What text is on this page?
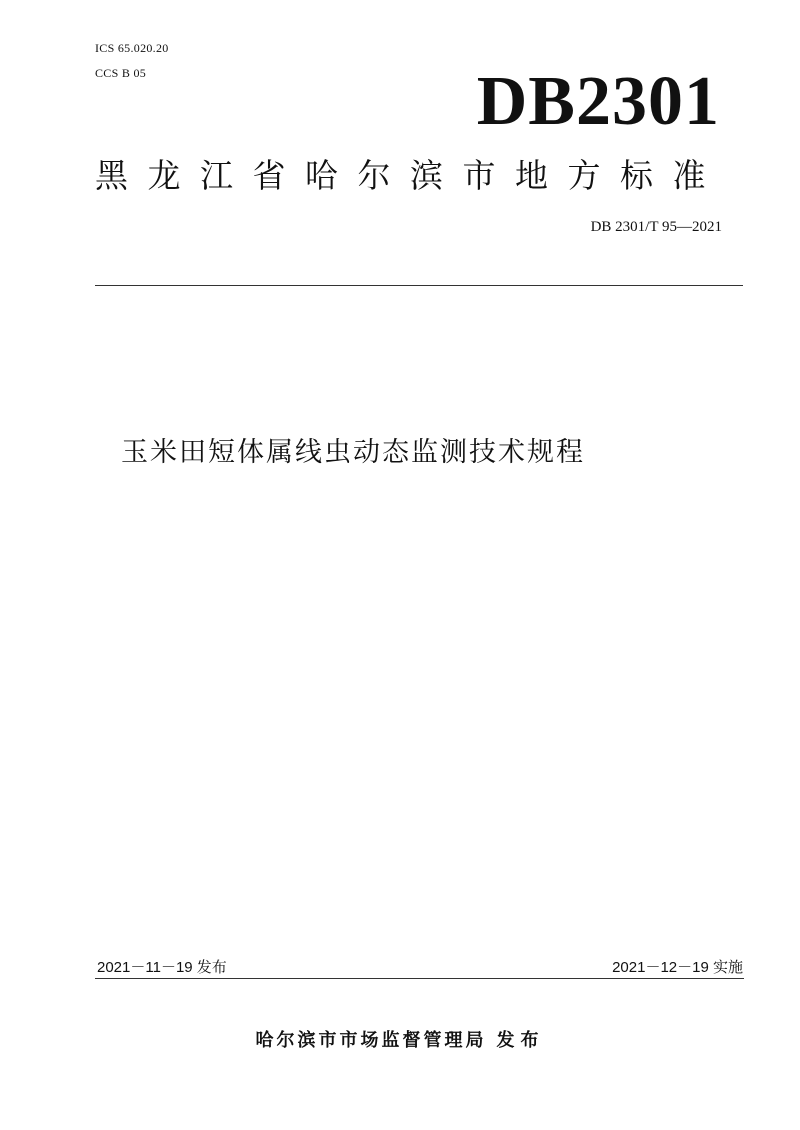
ICS 65.020.20
CCS B 05	DB2301
黑龙江省哈尔滨市地方标准
DB 2301/T 95—2021
玉米田短体属线虫动态监测技术规程
2021－11－19 发布	2021－12－19 实施
哈尔滨市市场监督管理局 发布
